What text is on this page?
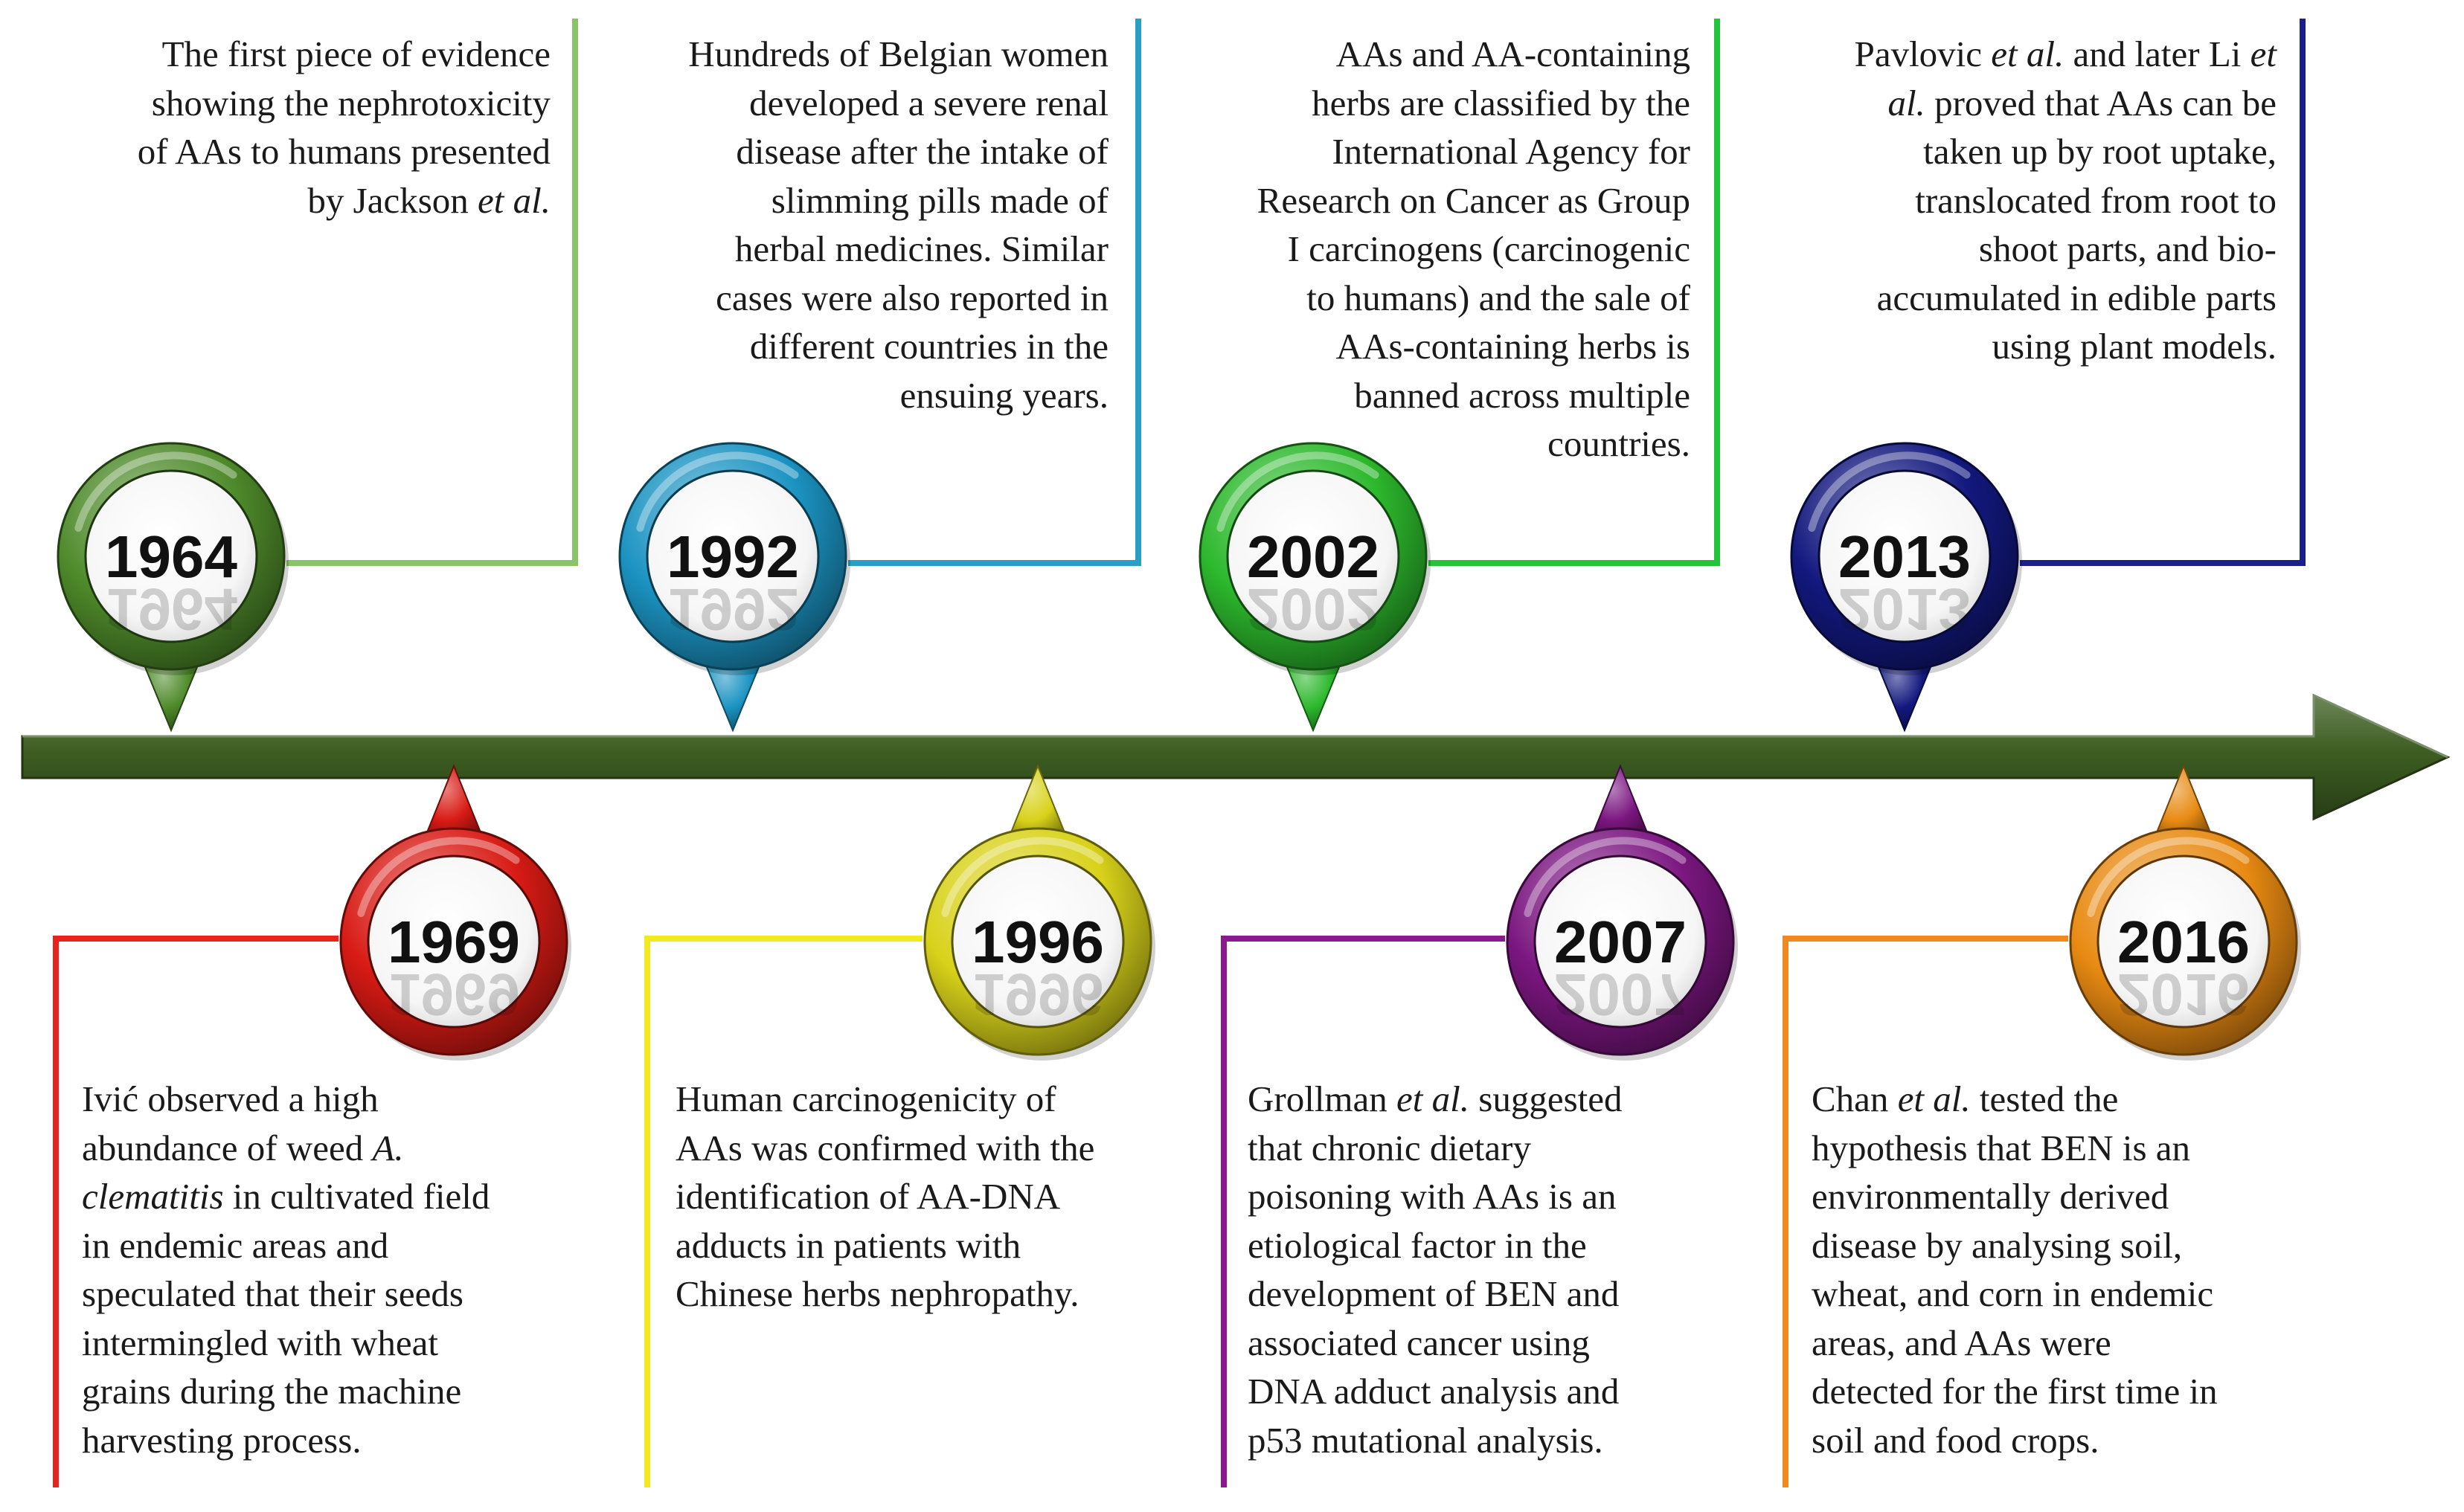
1964
1964
1969
1969
1992
1992
1996
1996
2002
2002
2007
2007
2013
2013
2016
2016
The first piece of evidence
showing the nephrotoxicity
of AAs to humans presented
by Jackson et al.
Ivić observed a high
abundance of weed A.
clematitis in cultivated field
in endemic areas and
speculated that their seeds
intermingled with wheat
grains during the machine
harvesting process.
Hundreds of Belgian women
developed a severe renal
disease after the intake of
slimming pills made of
herbal medicines. Similar
cases were also reported in
different countries in the
ensuing years.
Human carcinogenicity of
AAs was confirmed with the
identification of AA-DNA
adducts in patients with
Chinese herbs nephropathy.
AAs and AA-containing
herbs are classified by the
International Agency for
Research on Cancer as Group
I carcinogens (carcinogenic
to humans) and the sale of
AAs-containing herbs is
banned across multiple
countries.
Grollman et al. suggested
that chronic dietary
poisoning with AAs is an
etiological factor in the
development of BEN and
associated cancer using
DNA adduct analysis and
p53 mutational analysis.
Pavlovic et al. and later Li et
al. proved that AAs can be
taken up by root uptake,
translocated from root to
shoot parts, and bio-
accumulated in edible parts
using plant models.
Chan et al. tested the
hypothesis that BEN is an
environmentally derived
disease by analysing soil,
wheat, and corn in endemic
areas, and AAs were
detected for the first time in
soil and food crops.
